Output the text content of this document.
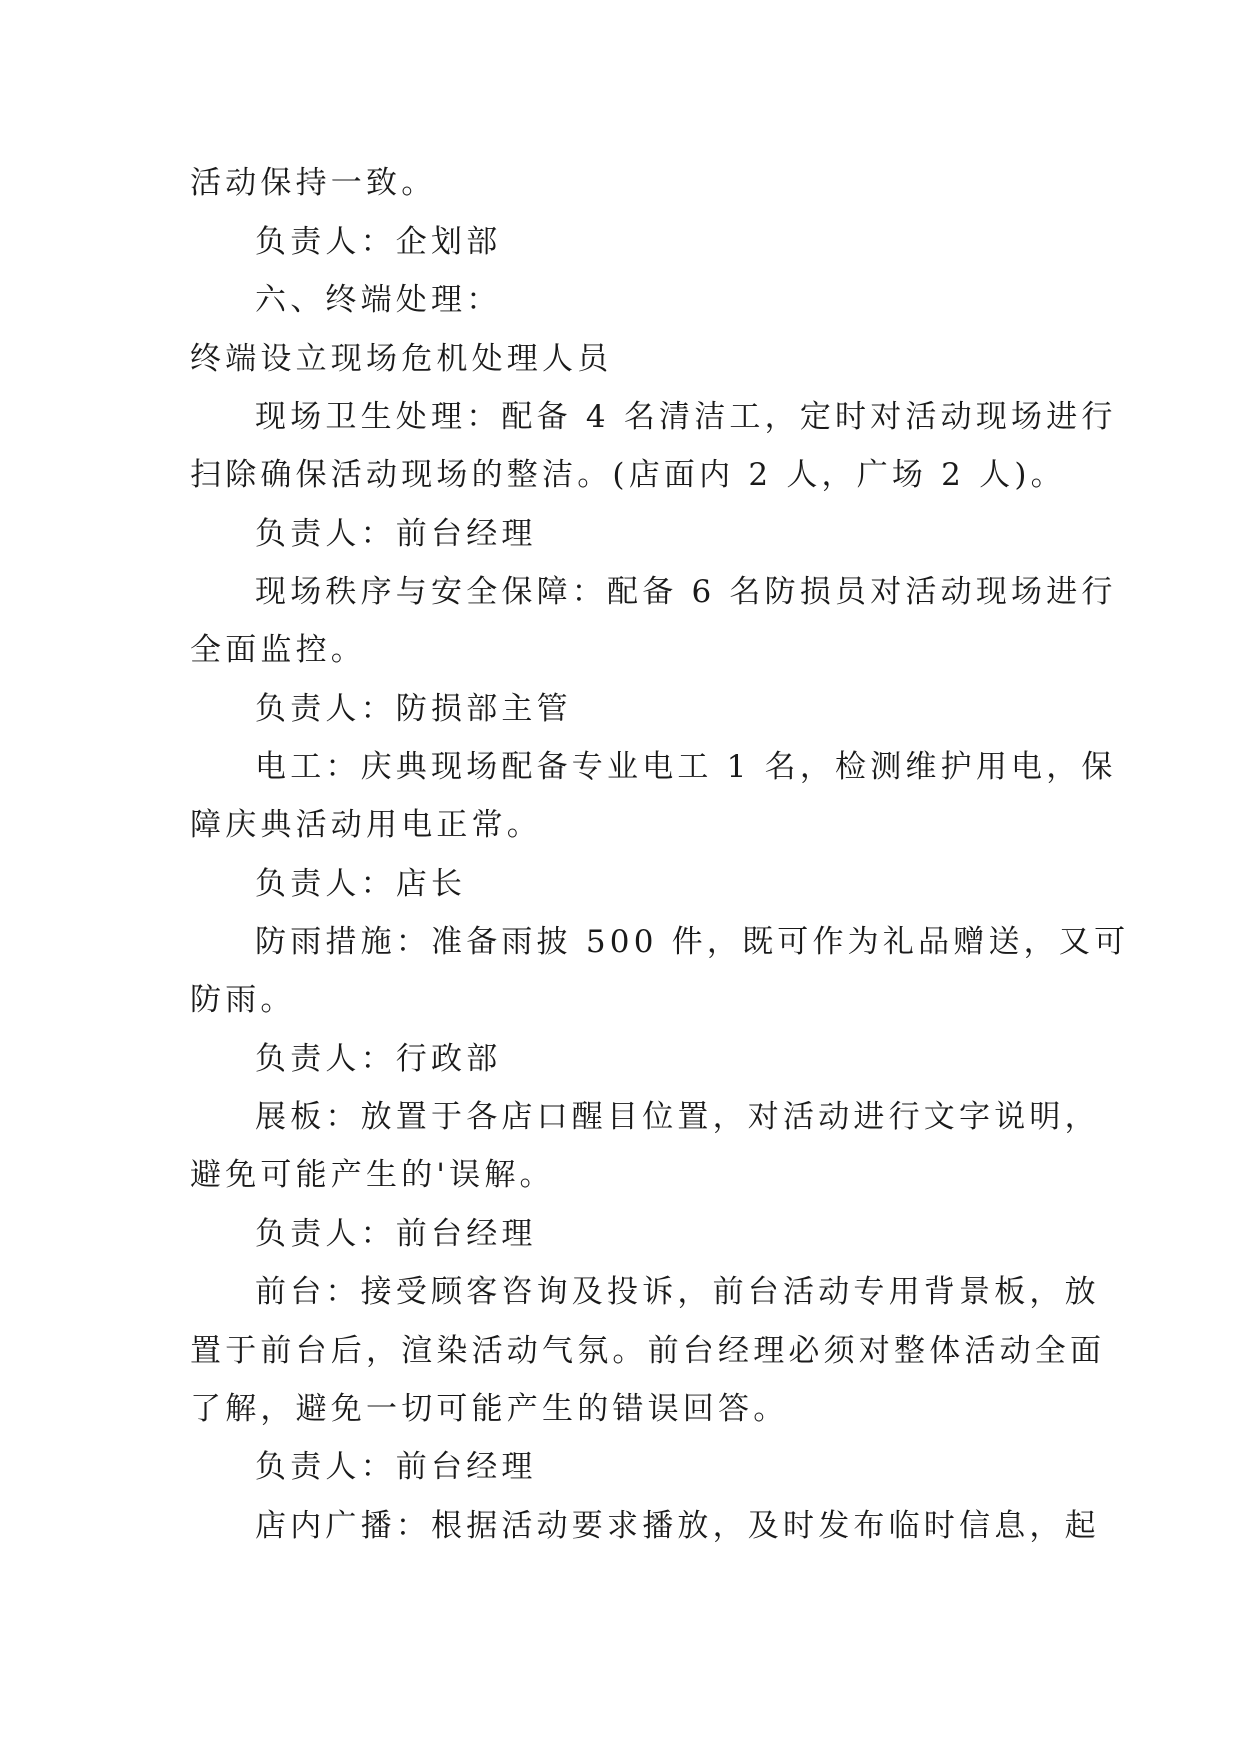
活动保持一致。
负责人：企划部
六、终端处理：
终端设立现场危机处理人员
现场卫生处理：配备 4 名清洁工，定时对活动现场进行
扫除确保活动现场的整洁。(店面内 2 人，广场 2 人)。
负责人：前台经理
现场秩序与安全保障：配备 6 名防损员对活动现场进行
全面监控。
负责人：防损部主管
电工：庆典现场配备专业电工 1 名，检测维护用电，保
障庆典活动用电正常。
负责人：店长
防雨措施：准备雨披 500 件，既可作为礼品赠送，又可
防雨。
负责人：行政部
展板：放置于各店口醒目位置，对活动进行文字说明，
避免可能产生的'误解。
负责人：前台经理
前台：接受顾客咨询及投诉，前台活动专用背景板，放
置于前台后，渲染活动气氛。前台经理必须对整体活动全面
了解，避免一切可能产生的错误回答。
负责人：前台经理
店内广播：根据活动要求播放，及时发布临时信息，起
